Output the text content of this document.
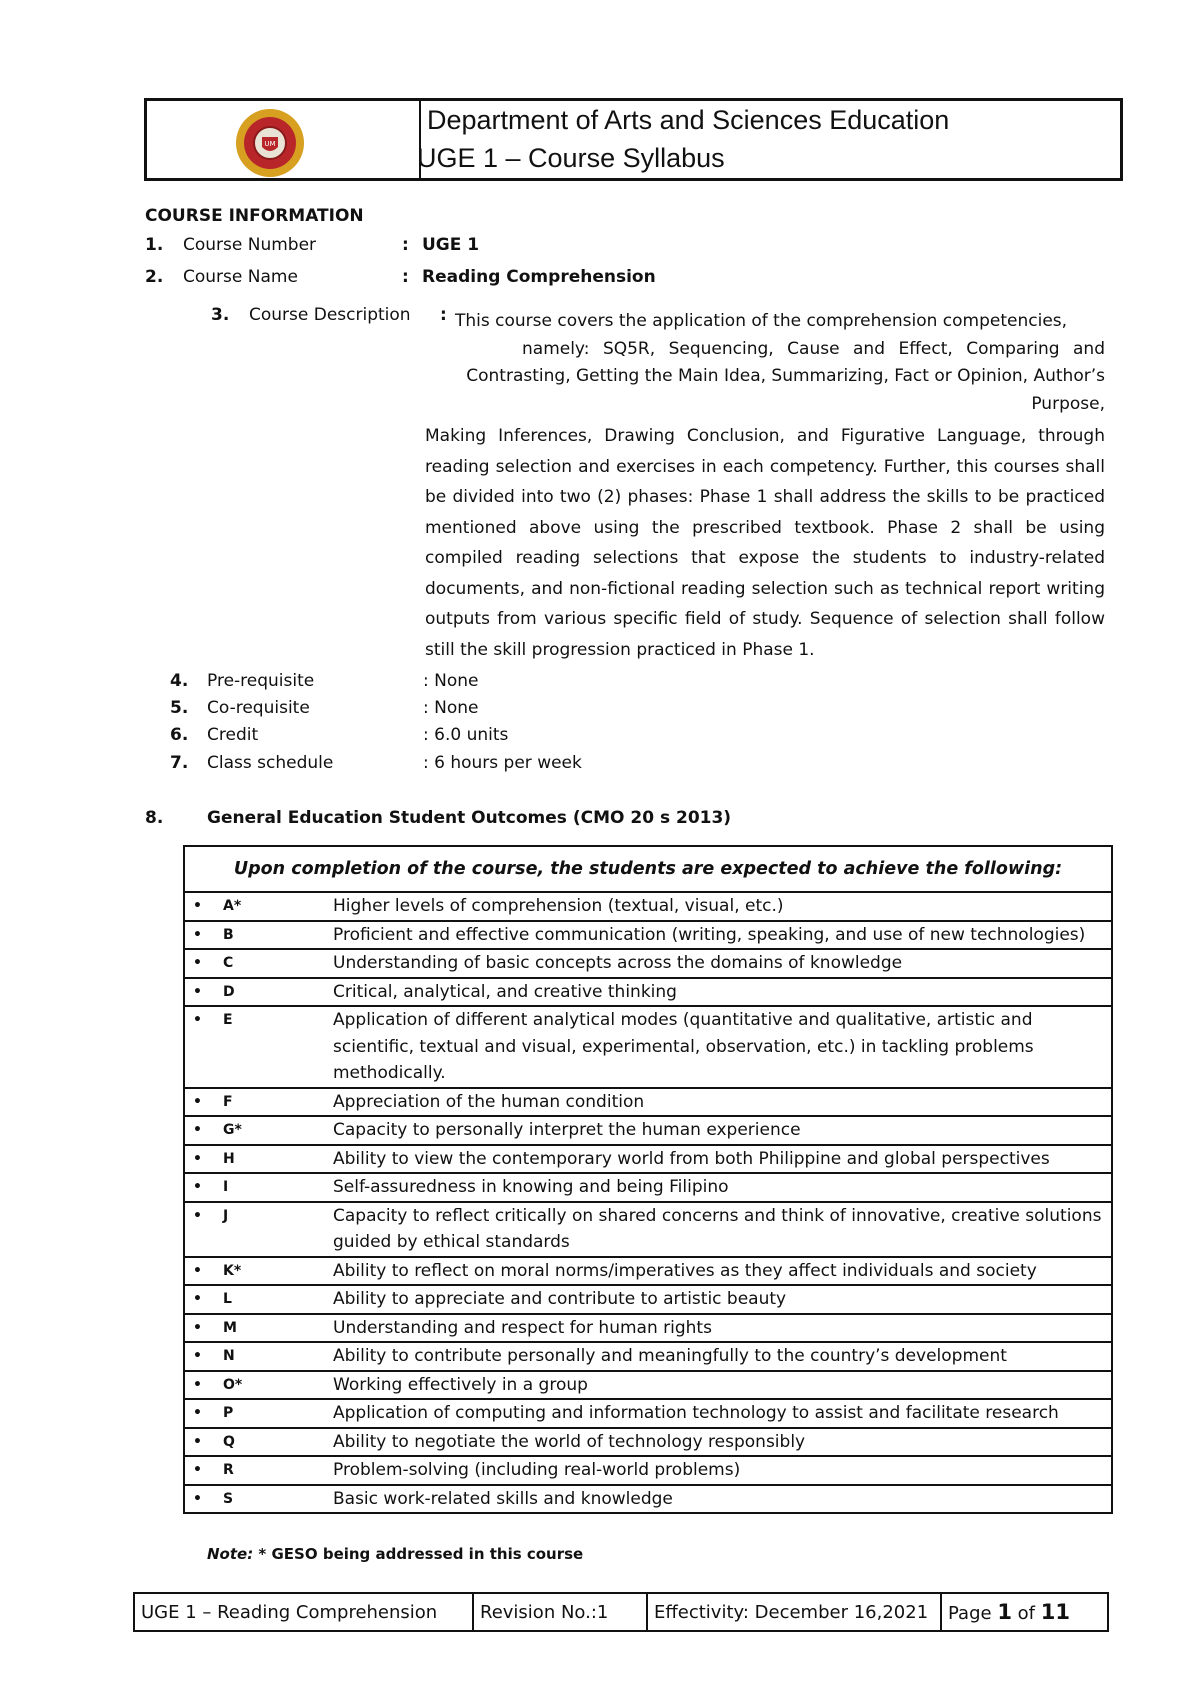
UM
Department of Arts and Sciences Education
UGE 1 – Course Syllabus
COURSE INFORMATION
1. Course Number	: UGE 1
2. Course Name	: Reading Comprehension
3. Course Description : This course covers the application of the comprehension competencies,

namely: SQ5R, Sequencing, Cause and Effect, Comparing and

Contrasting, Getting the Main Idea, Summarizing, Fact or Opinion, Author’s

Purpose,

Making Inferences, Drawing Conclusion, and Figurative Language, through reading selection and exercises in each competency. Further, this courses shall be divided into two (2) phases: Phase 1 shall address the skills to be practiced mentioned above using the prescribed textbook. Phase 2 shall be using compiled reading selections that expose the students to industry-related documents, and non-fictional reading selection such as technical report writing outputs from various specific field of study. Sequence of selection shall follow still the skill progression practiced in Phase 1.

4. Pre-requisite	: None
5. Co-requisite	: None
6. Credit	: 6.0 units
7. Class schedule	: 6 hours per week
8.	General Education Student Outcomes (CMO 20 s 2013)
Upon completion of the course, the students are expected to achieve the following:	
• A*	Higher levels of comprehension (textual, visual, etc.)
• B	Proficient and effective communication (writing, speaking, and use of new technologies)
• C	Understanding of basic concepts across the domains of knowledge
• D	Critical, analytical, and creative thinking
• E	Application of different analytical modes (quantitative and qualitative, artistic and scientific, textual and visual, experimental, observation, etc.) in tackling problems methodically.
• F	Appreciation of the human condition
• G*	Capacity to personally interpret the human experience
• H	Ability to view the contemporary world from both Philippine and global perspectives
• I	Self-assuredness in knowing and being Filipino
• J	Capacity to reflect critically on shared concerns and think of innovative, creative solutions guided by ethical standards
• K*	Ability to reflect on moral norms/imperatives as they affect individuals and society
• L	Ability to appreciate and contribute to artistic beauty
• M	Understanding and respect for human rights
• N	Ability to contribute personally and meaningfully to the country’s development
• O*	Working effectively in a group
• P	Application of computing and information technology to assist and facilitate research
• Q	Ability to negotiate the world of technology responsibly
• R	Problem-solving (including real-world problems)
• S	Basic work-related skills and knowledge
Note: * GESO being addressed in this course
UGE 1 – Reading Comprehension	Revision No.:1	Effectivity: December 16,2021	Page 1 of 11
